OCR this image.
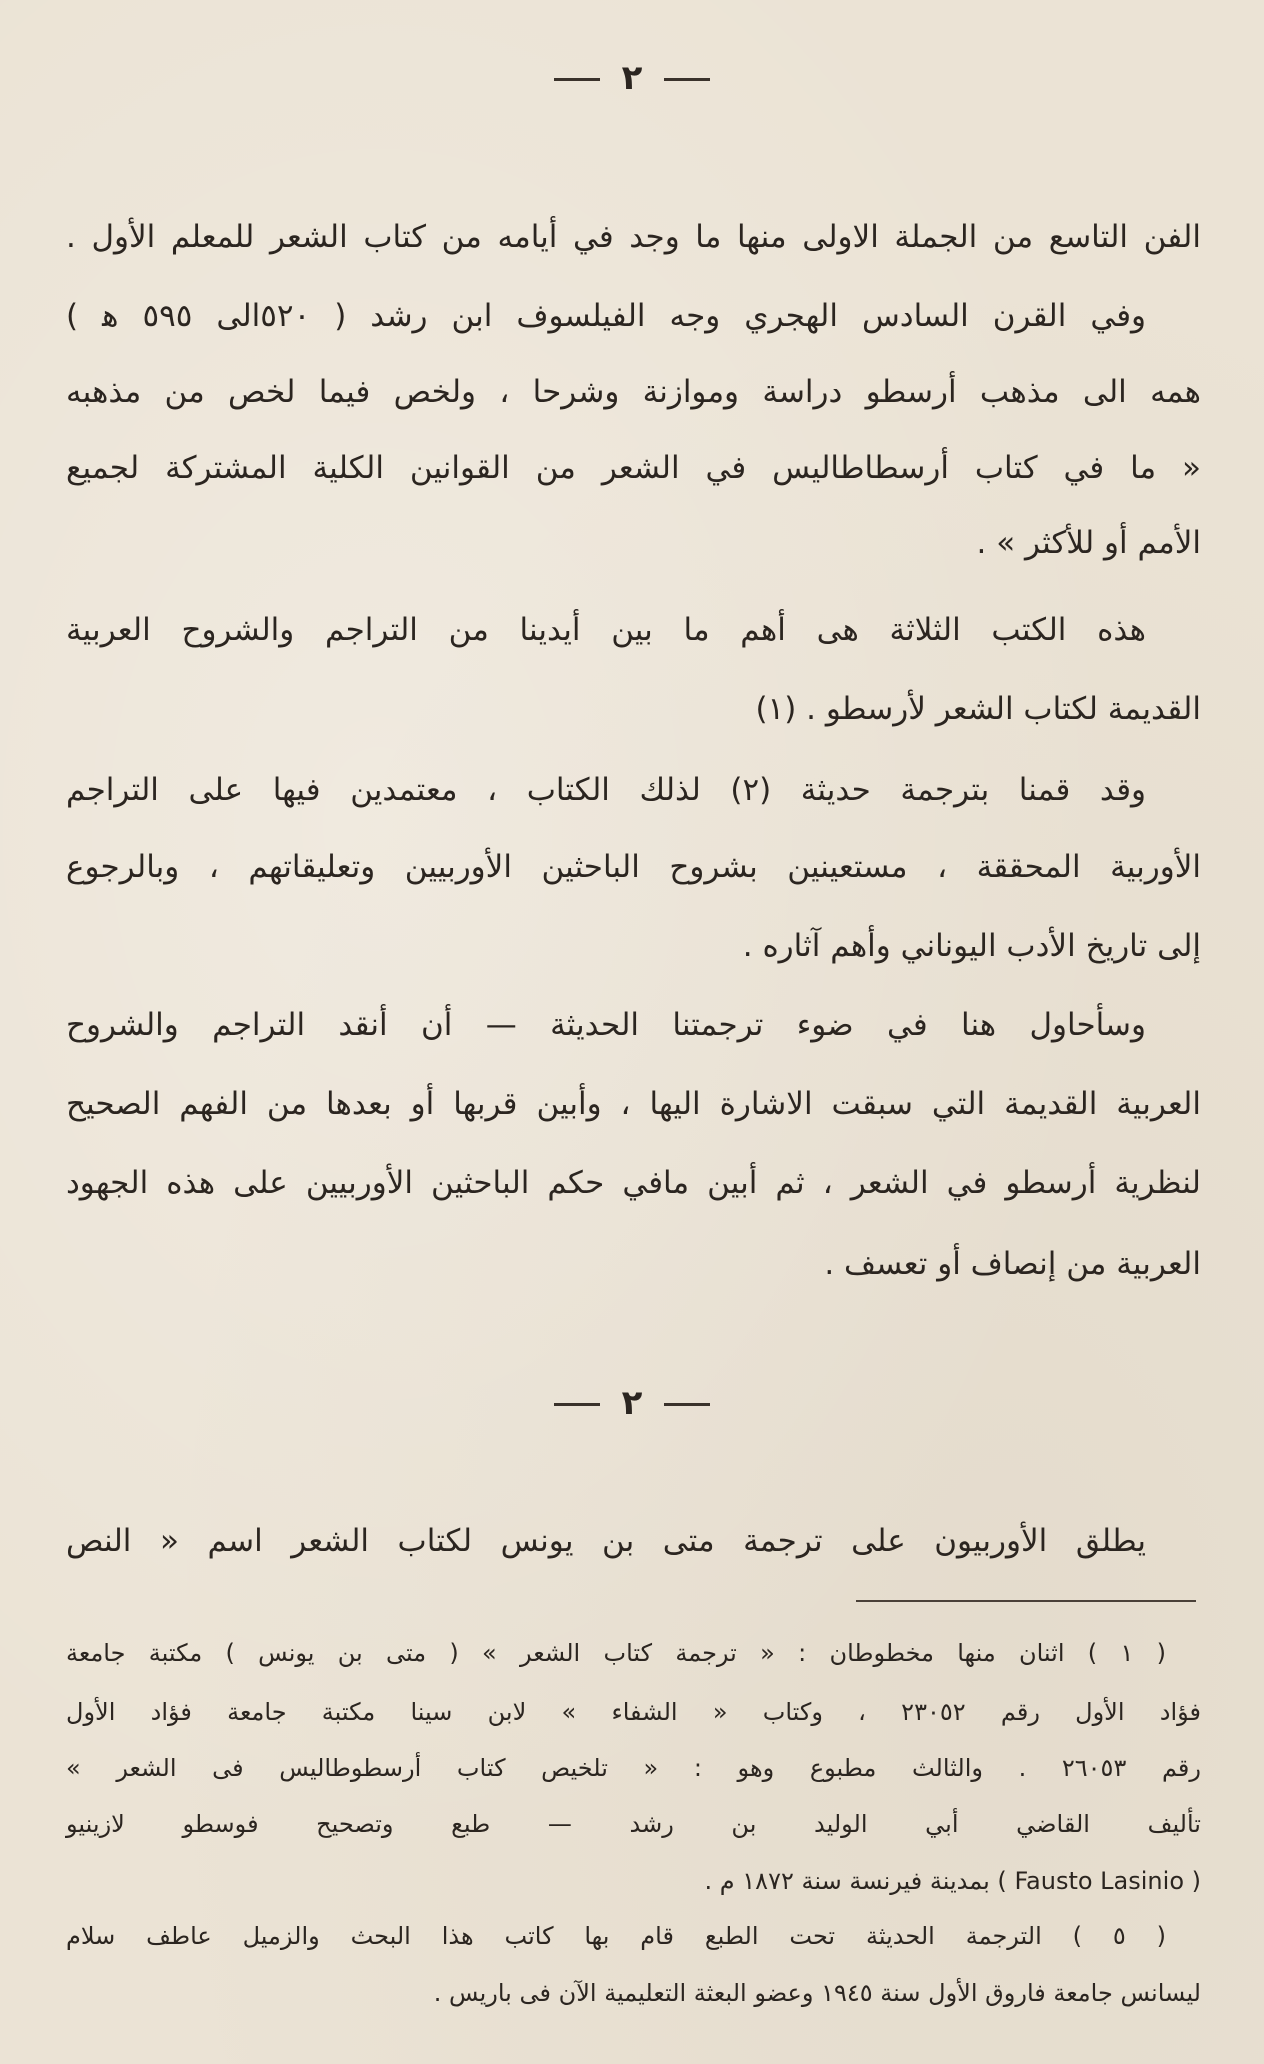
٢
الفن التاسع من الجملة الاولى منها ما وجد في أيامه من كتاب الشعر للمعلم الأول .
وفي القرن السادس الهجري وجه الفيلسوف ابن رشد ( ٥٢٠الى ٥٩٥ ﻫ )
همه الى مذهب أرسطو دراسة وموازنة وشرحا ، ولخص فيما لخص من مذهبه
« ما في كتاب أرسطاطاليس في الشعر من القوانين الكلية المشتركة لجميع
الأمم أو للأكثر » .
هذه الكتب الثلاثة هى أهم ما بين أيدينا من التراجم والشروح العربية
القديمة لكتاب الشعر لأرسطو . (١)
وقد قمنا بترجمة حديثة (٢) لذلك الكتاب ، معتمدين فيها على التراجم
الأوربية المحققة ، مستعينين بشروح الباحثين الأوربيين وتعليقاتهم ، وبالرجوع
إلى تاريخ الأدب اليوناني وأهم آثاره .
وسأحاول هنا في ضوء ترجمتنا الحديثة — أن أنقد التراجم والشروح
العربية القديمة التي سبقت الاشارة اليها ، وأبين قربها أو بعدها من الفهم الصحيح
لنظرية أرسطو في الشعر ، ثم أبين مافي حكم الباحثين الأوربيين على هذه الجهود
العربية من إنصاف أو تعسف .
٢
يطلق الأوربيون على ترجمة متى بن يونس لكتاب الشعر اسم « النص
( ١ ) اثنان منها مخطوطان : « ترجمة كتاب الشعر » ( متى بن يونس ) مكتبة جامعة
فؤاد الأول رقم ٢٣٠٥٢ ، وكتاب « الشفاء » لابن سينا مكتبة جامعة فؤاد الأول
رقم ٢٦٠٥٣ . والثالث مطبوع وهو : « تلخيص كتاب أرسطوطاليس فى الشعر »
تأليف القاضي أبي الوليد بن رشد — طبع وتصحيح فوسطو لازينيو
( Fausto Lasinio ) بمدينة فيرنسة سنة ١٨٧٢ م .
( ٥ ) الترجمة الحديثة تحت الطبع قام بها كاتب هذا البحث والزميل عاطف سلام
ليسانس جامعة فاروق الأول سنة ١٩٤٥ وعضو البعثة التعليمية الآن فى باريس .
